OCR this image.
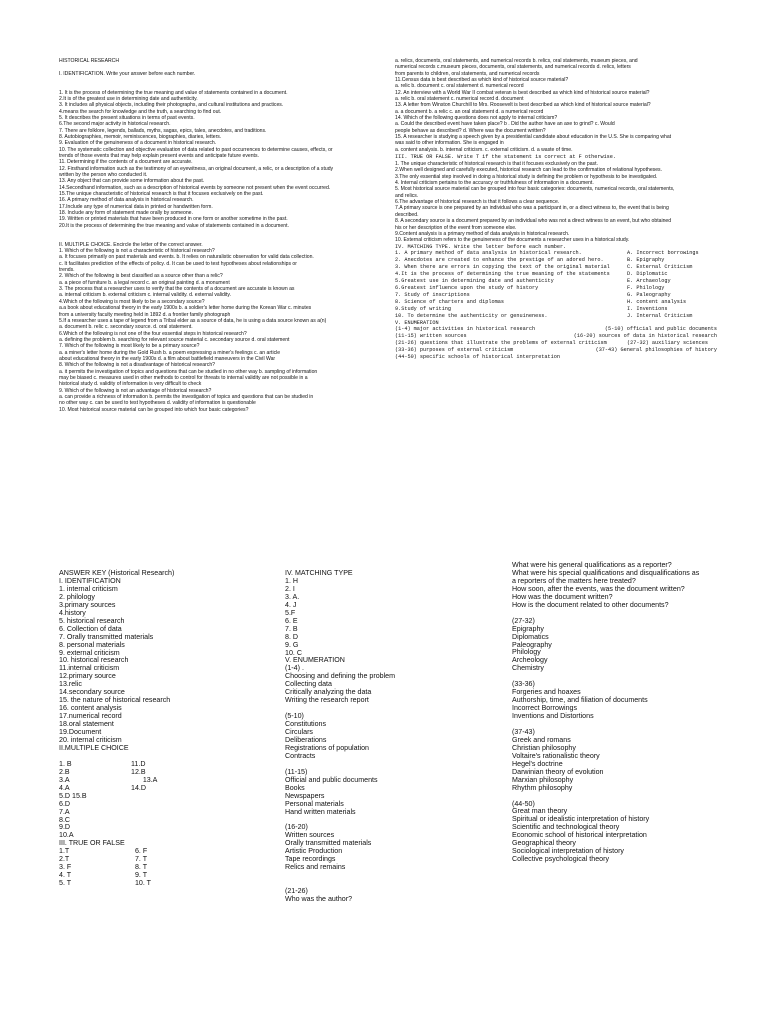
HISTORICAL RESEARCH
I. IDENTIFICATION. Write your answer before each number.
1. It is the process of determining the true meaning and value of statements contained in a document.
2.It is of the greatest use in determining date and authenticity.
3. It includes all physical objects, including their photographs, and cultural institutions and practices.
4.means the search for knowledge and the truth, a searching to find out.
5. It describes the present situations in terms of past events.
6.The second major activity in historical research.
7. There are folklore, legends, ballads, myths, sagas, epics, tales, anecdotes, and traditions.
8. Autobiographies, memoir, reminiscences, biographies, diaries, letters.
9. Evaluation of the genuineness of a document in historical research.
10. The systematic collection and objective evaluation of data related to past occurrences to determine causes, effects, or
trends of those events that may help explain present events and anticipate future events.
11. Determining if the contents of a document are accurate.
12. Firsthand information such as the testimony of an eyewitness, an original document, a relic, or a description of a study
written by the person who conducted it.
13. Any object that can provide some information about the past.
14.Secondhand information, such as a description of historical events by someone not present when the event occurred.
15.The unique characteristic of historical research is that it focuses exclusively on the past.
16. A primary method of data analysis in historical research.
17.Include any type of numerical data in printed or handwritten form.
18. Include any form of statement made orally by someone.
19. Written or printed materials that have been produced in one form or another sometime in the past.
20.It is the process of determining the true meaning and value of statements contained in a document.
II. MULTIPLE CHOICE. Encircle the letter of the correct answer.
1. Which of the following is not a characteristic of historical research?
a. It focuses primarily on past materials and events. b. It relies on naturalistic observation for valid data collection.
c. It facilitates prediction of the effects of policy. d. It can be used to test hypotheses about relationships or
trends.
2. Which of the following is best classified as a source other than a relic?
a. a piece of furniture b. a legal record c. an original painting d. a monument
3. The process that a researcher uses to verify that the contents of a document are accurate is known as
a. internal criticism b. external criticism c. internal validity. d. external validity.
4.Which of the following is most likely to be a secondary source?
a.a book about educational theory in the early 1900s b. a soldier's letter home during the Korean War c. minutes
from a university faculty meeting held in 1892 d. a frontier family photograph
5.If a researcher uses a tape of legend from a Tribal elder as a source of data, he is using a data source known as a(n)
a. document b. relic c. secondary source. d. oral statement.
6.Which of the following is not one of the four essential steps in historical research?
a. defining the problem b. searching for relevant source material c. secondary source d. oral statement
7. Which of the following is most likely to be a primary source?
a. a miner's letter home during the Gold Rush b. a poem expressing a miner's feelings c. an article
about educational theory in the early 1900s d. a film about battlefield maneuvers in the Civil War
8. Which of the following is not a disadvantage of historical research?
a. it permits the investigation of topics and questions that can be studied in no other way b. sampling of information
may be biased c. measures used in other methods to control for threats to internal validity are not possible in a
historical study d. validity of information is very difficult to check
9. Which of the following is not an advantage of historical research?
a. can provide a richness of information b. permits the investigation of topics and questions that can be studied in
no other way c. can be used to test hypotheses d. validity of information is questionable
10. Most historical source material can be grouped into which four basic categories?
a. relics, documents, oral statements, and numerical records b. relics, oral statements, museum pieces, and
numerical records c.museum pieces, documents, oral statements, and numerical records d. relics, letters
from parents to children, oral statements, and numerical records
11.Census data is best described as which kind of historical source material?
a. relic b. document c. oral statement d. numerical record
12. An interview with a World War II combat veteran is best described as which kind of historical source material?
a. relic b. oral statement c. numerical record d. document
13. A letter from Winston Churchill to Mrs. Roosevelt is best described as which kind of historical source material?
a. a document b. a relic c. an oral statement d. a numerical record
14. Which of the following questions does not apply to internal criticism?
a. Could the described event have taken place? b . Did the author have an axe to grind? c. Would
people behave as described? d. Where was the document written?
15. A researcher is studying a speech given by a presidential candidate about education in the U.S. She is comparing what
was said to other information. She is engaged in
a. content analysis. b. internal criticism. c. external criticism. d. a waste of time.
III. TRUE OR FALSE. Write T if the statement is correct at F otherwise.
1. The unique characteristic of historical research is that it focuses exclusively on the past.
2.When well designed and carefully executed, historical research can lead to the confirmation of relational hypotheses.
3.The only essential step involved in doing a historical study is defining the problem or hypothesis to be investigated.
4. Internal criticism pertains to the accuracy or truthfulness of information in a document.
5. Most historical source material can be grouped into four basic categories: documents, numerical records, oral statements,
and relics.
6.The advantage of historical research is that it follows a clear sequence.
7.A primary source is one prepared by an individual who was a participant in, or a direct witness to, the event that is being
described.
8. A secondary source is a document prepared by an individual who was not a direct witness to an event, but who obtained
his or her description of the event from someone else.
9.Content analysis is a primary method of data analysis in historical research.
10. External criticism refers to the genuineness of the documents a researcher uses in a historical study.
IV. MATCHING TYPE. Write the letter before each number.
1. A primary method of data analysis in historical research.	A. Incorrect borrowings
2. Anecdotes are created to enhance the prestige of an adored hero.	B. Epigraphy
3. When there are errors in copying the text of the original material	C. External Criticism
4.It is the process of determining the true meaning of the statements	D. Diplomatic
5.Greatest use in determining date and authenticity	E. Archaeology
6.Greatest influence upon the study of history	F. Philology
7. Study of inscriptions	G. Paleography
8. Science of charters and diplomas	H. content analysis
9.Study of writing	I. Inventions
10. To determine the authenticity or genuineness.	J. Internal Criticism
V. ENUMERATION
(1-4) major activities in historical research	(5-10) official and public documents
(11-15) written sources	(16-20) sources of data in historical research
(21-26) questions that illustrate the problems of external criticism	(27-32) auxiliary sciences
(33-36) purposes of external criticism	(37-43) General philosophies of history
(44-50) specific schools of historical interpretation
ANSWER KEY (Historical Research)
I. IDENTIFICATION
1. internal criticism
2. philology
3.primary sources
4.history
5. historical research
6. Collection of data
7. Orally transmitted materials
8. personal materials
9. external criticism
10. historical research
11.internal criticism
12.primary source
13.relic
14.secondary source
15. the nature of historical research
16. content analysis
17.numerical record
18.oral statement
19.Document
20. internal criticism
II.MULTIPLE CHOICE
1. B	11.D
2.B	12.B
3.A	13.A
4.A	14.D
5.D 15.B
6.D
7.A
8.C
9.D
10.A
III. TRUE OR FALSE
1.T	6. F
2.T	7. T
3. F	8. T
4. T	9. T
5. T	10. T
IV. MATCHING TYPE
1. H
2. I
3. A.
4. J
5.F
6. E
7. B
8. D
9. G
10. C
V. ENUMERATION
(1-4) .
Choosing and defining the problem
Collecting data
Critically analyzing the data
Writing the research report
(5-10)
Constitutions
Circulars
Deliberations
Registrations of population
Contracts
(11-15)
Official and public documents
Books
Newspapers
Personal materials
Hand written materials
(16-20)
Written sources
Orally transmitted materials
Artistic Production
Tape recordings
Relics and remains
(21-26)
Who was the author?
What were his general qualifications as a reporter?
What were his special qualifications and disqualifications as
a reporters of the matters here treated?
How soon, after the events, was the document written?
How was the document written?
How is the document related to other documents?
(27-32)
Epigraphy
Diplomatics
Paleography
Philology
Archeology
Chemistry
(33-36)
Forgeries and hoaxes
Authorship, time, and filiation of documents
Incorrect Borrowings
Inventions and Distortions
(37-43)
Greek and romans
Christian philosophy
Voltaire's rationalistic theory
Hegel's doctrine
Darwinian theory of evolution
Marxian philosophy
Rhythm philosophy
(44-50)
Great man theory
Spiritual or idealistic interpretation of history
Scientific and technological theory
Economic school of historical interpretation
Geographical theory
Sociological interpretation of history
Collective psychological theory
